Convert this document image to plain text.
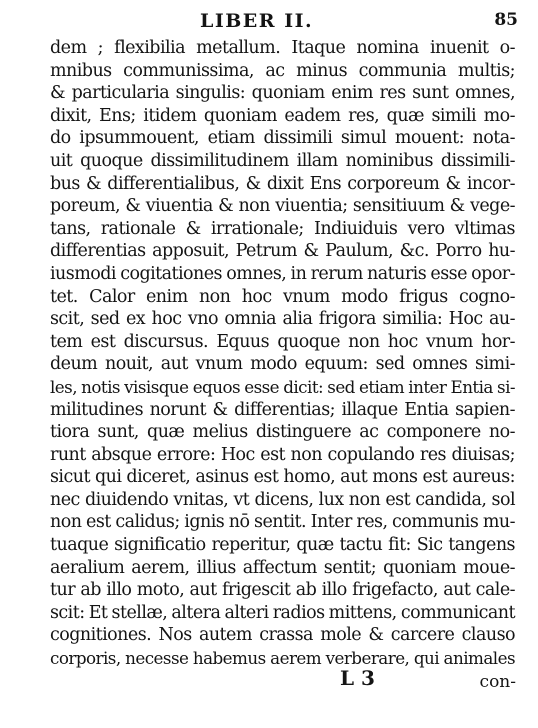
LIBER II.	85
dem ; flexibilia metallum. Itaque nomina inuenit o-
mnibus communissima, ac minus communia multis;
& particularia singulis: quoniam enim res sunt omnes,
dixit, Ens; itidem quoniam eadem res, quæ simili mo-
do ipsummouent, etiam dissimili simul mouent: nota-
uit quoque dissimilitudinem illam nominibus dissimili-
bus & differentialibus, & dixit Ens corporeum & incor-
poreum, & viuentia & non viuentia; sensitiuum & vege-
tans, rationale & irrationale; Indiuiduis vero vltimas
differentias apposuit, Petrum & Paulum, &c. Porro hu-
iusmodi cogitationes omnes, in rerum naturis esse opor-
tet. Calor enim non hoc vnum modo frigus cogno-
scit, sed ex hoc vno omnia alia frigora similia: Hoc au-
tem est discursus. Equus quoque non hoc vnum hor-
deum nouit, aut vnum modo equum: sed omnes simi-
les, notis visisque equos esse dicit: sed etiam inter Entia si-
militudines norunt & differentias; illaque Entia sapien-
tiora sunt, quæ melius distinguere ac componere no-
runt absque errore: Hoc est non copulando res diuisas;
sicut qui diceret, asinus est homo, aut mons est aureus:
nec diuidendo vnitas, vt dicens, lux non est candida, sol
non est calidus; ignis nō sentit. Inter res, communis mu-
tuaque significatio reperitur, quæ tactu fit: Sic tangens
aeralium aerem, illius affectum sentit; quoniam moue-
tur ab illo moto, aut frigescit ab illo frigefacto, aut cale-
scit: Et stellæ, altera alteri radios mittens, communicant
cognitiones. Nos autem crassa mole & carcere clauso
corporis, necesse habemus aerem verberare, qui animales
L 3	con-
